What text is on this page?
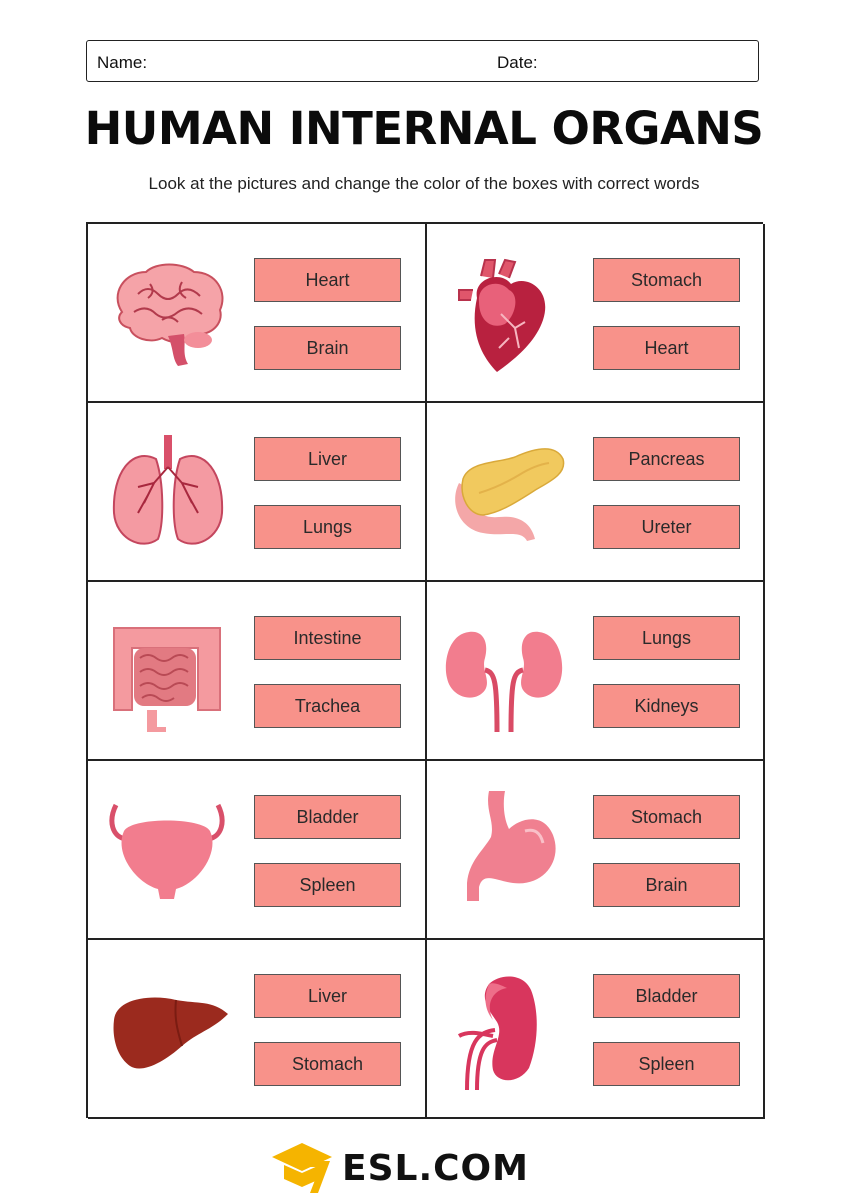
Name:	Date:
HUMAN INTERNAL ORGANS
Look at the pictures and change the color of the boxes with correct words
Heart
Brain
Stomach
Heart
Liver
Lungs
Pancreas
Ureter
Intestine
Trachea
Lungs
Kidneys
Bladder
Spleen
Stomach
Brain
Liver
Stomach
Bladder
Spleen
ESL.COM
